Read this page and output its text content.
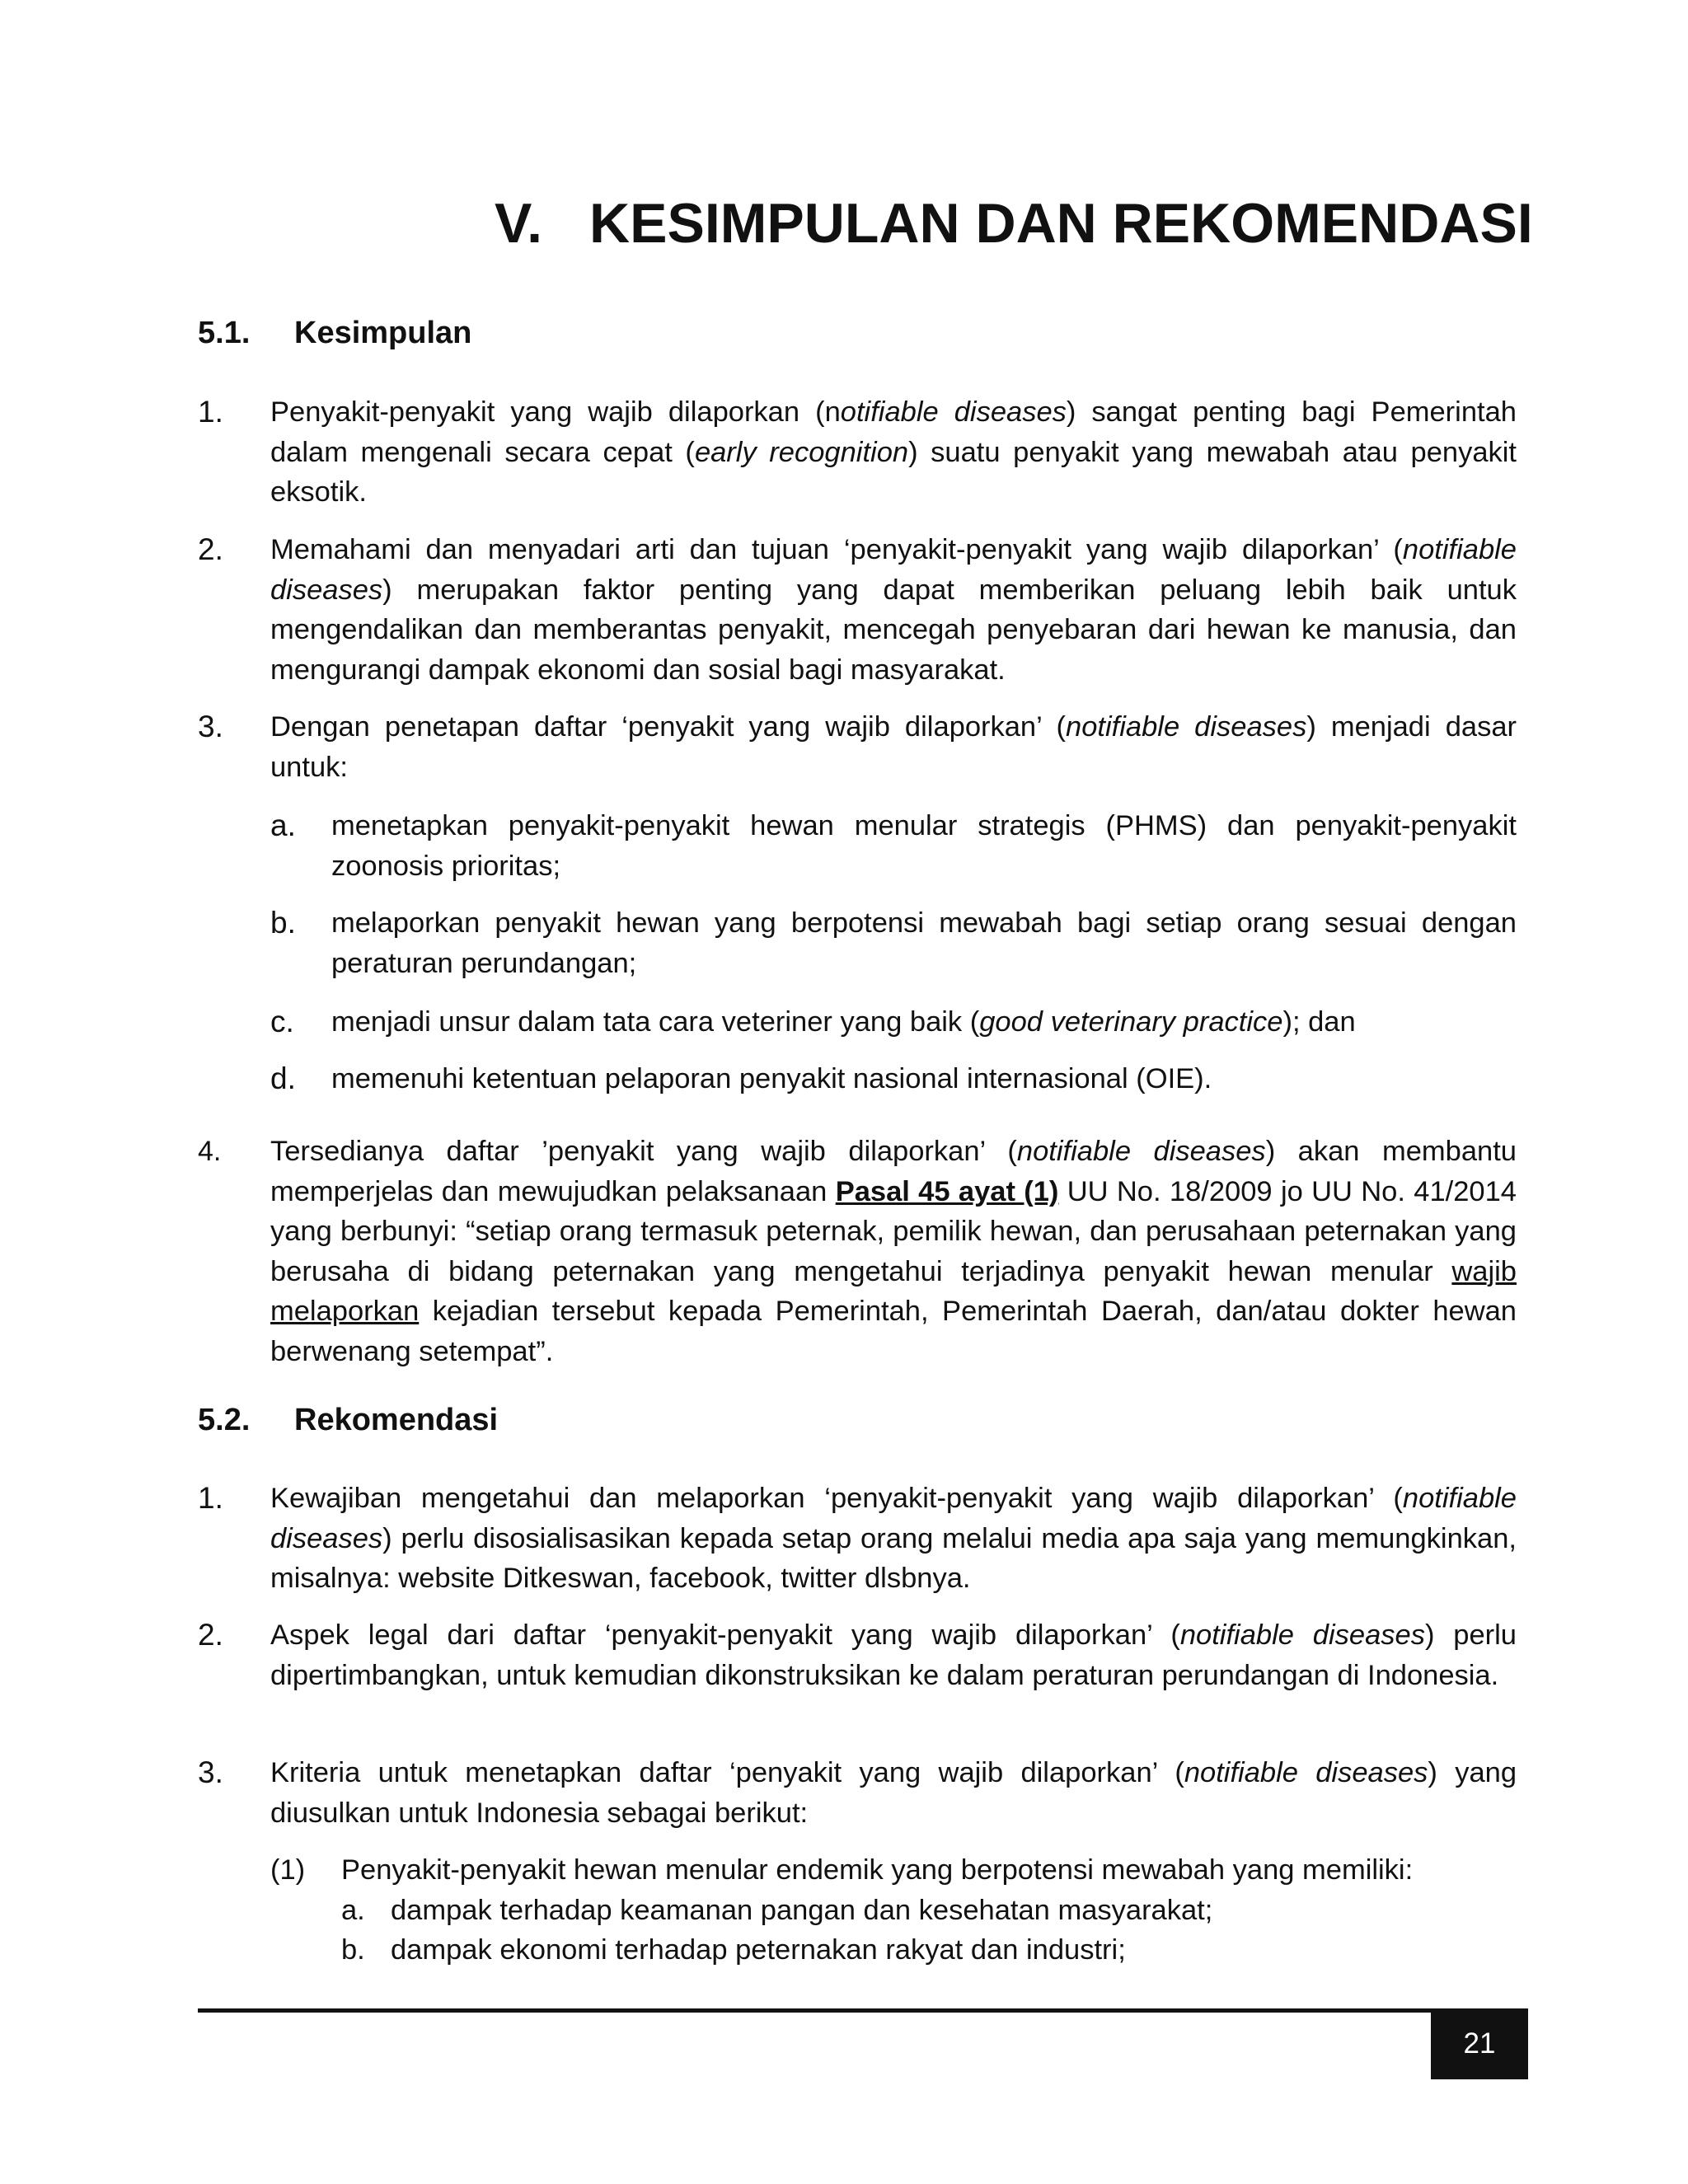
V. KESIMPULAN DAN REKOMENDASI
5.1. Kesimpulan
1. Penyakit-penyakit yang wajib dilaporkan (notifiable diseases) sangat penting bagi Pemerintah dalam mengenali secara cepat (early recognition) suatu penyakit yang mewabah atau penyakit eksotik.
2. Memahami dan menyadari arti dan tujuan ‘penyakit-penyakit yang wajib dilaporkan’ (notifiable diseases) merupakan faktor penting yang dapat memberikan peluang lebih baik untuk mengendalikan dan memberantas penyakit, mencegah penyebaran dari hewan ke manusia, dan mengurangi dampak ekonomi dan sosial bagi masyarakat.
3. Dengan penetapan daftar ‘penyakit yang wajib dilaporkan’ (notifiable diseases) menjadi dasar untuk:
a. menetapkan penyakit-penyakit hewan menular strategis (PHMS) dan penyakit-penyakit zoonosis prioritas;
b. melaporkan penyakit hewan yang berpotensi mewabah bagi setiap orang sesuai dengan peraturan perundangan;
c. menjadi unsur dalam tata cara veteriner yang baik (good veterinary practice); dan
d. memenuhi ketentuan pelaporan penyakit nasional internasional (OIE).
4. Tersedianya daftar ’penyakit yang wajib dilaporkan’ (notifiable diseases) akan membantu memperjelas dan mewujudkan pelaksanaan Pasal 45 ayat (1) UU No. 18/2009 jo UU No. 41/2014 yang berbunyi: “setiap orang termasuk peternak, pemilik hewan, dan perusahaan peternakan yang berusaha di bidang peternakan yang mengetahui terjadinya penyakit hewan menular wajib melaporkan kejadian tersebut kepada Pemerintah, Pemerintah Daerah, dan/atau dokter hewan berwenang setempat”.
5.2. Rekomendasi
1. Kewajiban mengetahui dan melaporkan ‘penyakit-penyakit yang wajib dilaporkan’ (notifiable diseases) perlu disosialisasikan kepada setap orang melalui media apa saja yang memungkinkan, misalnya: website Ditkeswan, facebook, twitter dlsbnya.
2. Aspek legal dari daftar ‘penyakit-penyakit yang wajib dilaporkan’ (notifiable diseases) perlu dipertimbangkan, untuk kemudian dikonstruksikan ke dalam peraturan perundangan di Indonesia.
3. Kriteria untuk menetapkan daftar ‘penyakit yang wajib dilaporkan’ (notifiable diseases) yang diusulkan untuk Indonesia sebagai berikut:
(1) Penyakit-penyakit hewan menular endemik yang berpotensi mewabah yang memiliki:
a. dampak terhadap keamanan pangan dan kesehatan masyarakat;
b. dampak ekonomi terhadap peternakan rakyat dan industri;
21
